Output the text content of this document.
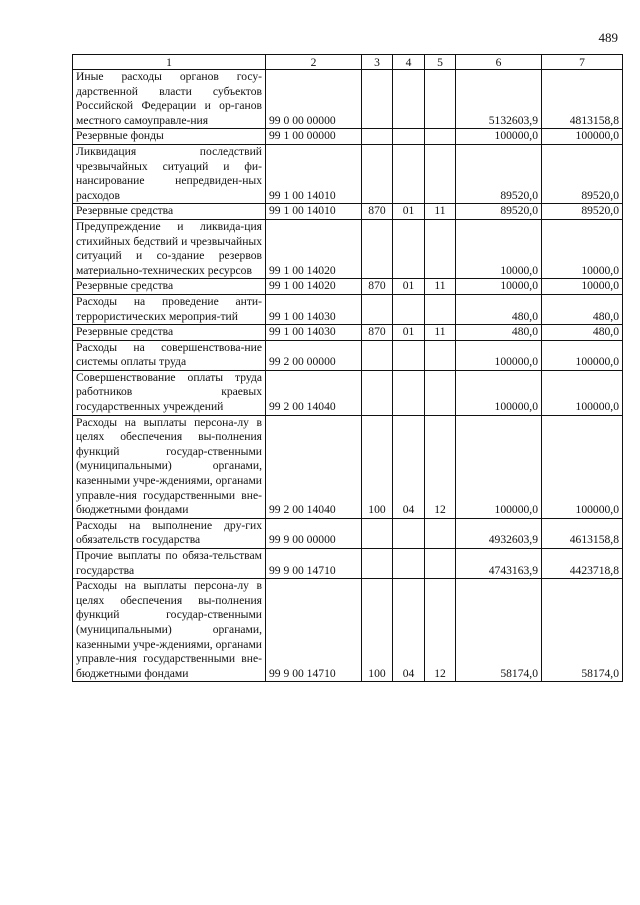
489
1	2	3	4	5	6	7
Иные расходы органов госу-дарственной власти субъектов Российской Федерации и ор-ганов местного самоуправле-ния	99 0 00 00000				5132603,9	4813158,8
Резервные фонды	99 1 00 00000				100000,0	100000,0
Ликвидация последствий чрезвычайных ситуаций и фи-нансирование непредвиден-ных расходов	99 1 00 14010				89520,0	89520,0
Резервные средства	99 1 00 14010	870	01	11	89520,0	89520,0
Предупреждение и ликвида-ция стихийных бедствий и чрезвычайных ситуаций и со-здание резервов материально-технических ресурсов	99 1 00 14020				10000,0	10000,0
Резервные средства	99 1 00 14020	870	01	11	10000,0	10000,0
Расходы на проведение анти-террористических мероприя-тий	99 1 00 14030				480,0	480,0
Резервные средства	99 1 00 14030	870	01	11	480,0	480,0
Расходы на совершенствова-ние системы оплаты труда	99 2 00 00000				100000,0	100000,0
Совершенствование оплаты труда работников краевых государственных учреждений	99 2 00 14040				100000,0	100000,0
Расходы на выплаты персона-лу в целях обеспечения вы-полнения функций государ-ственными (муниципальными) органами, казенными учре-ждениями, органами управле-ния государственными вне-бюджетными фондами	99 2 00 14040	100	04	12	100000,0	100000,0
Расходы на выполнение дру-гих обязательств государства	99 9 00 00000				4932603,9	4613158,8
Прочие выплаты по обяза-тельствам государства	99 9 00 14710				4743163,9	4423718,8
Расходы на выплаты персона-лу в целях обеспечения вы-полнения функций государ-ственными (муниципальными) органами, казенными учре-ждениями, органами управле-ния государственными вне-бюджетными фондами	99 9 00 14710	100	04	12	58174,0	58174,0
